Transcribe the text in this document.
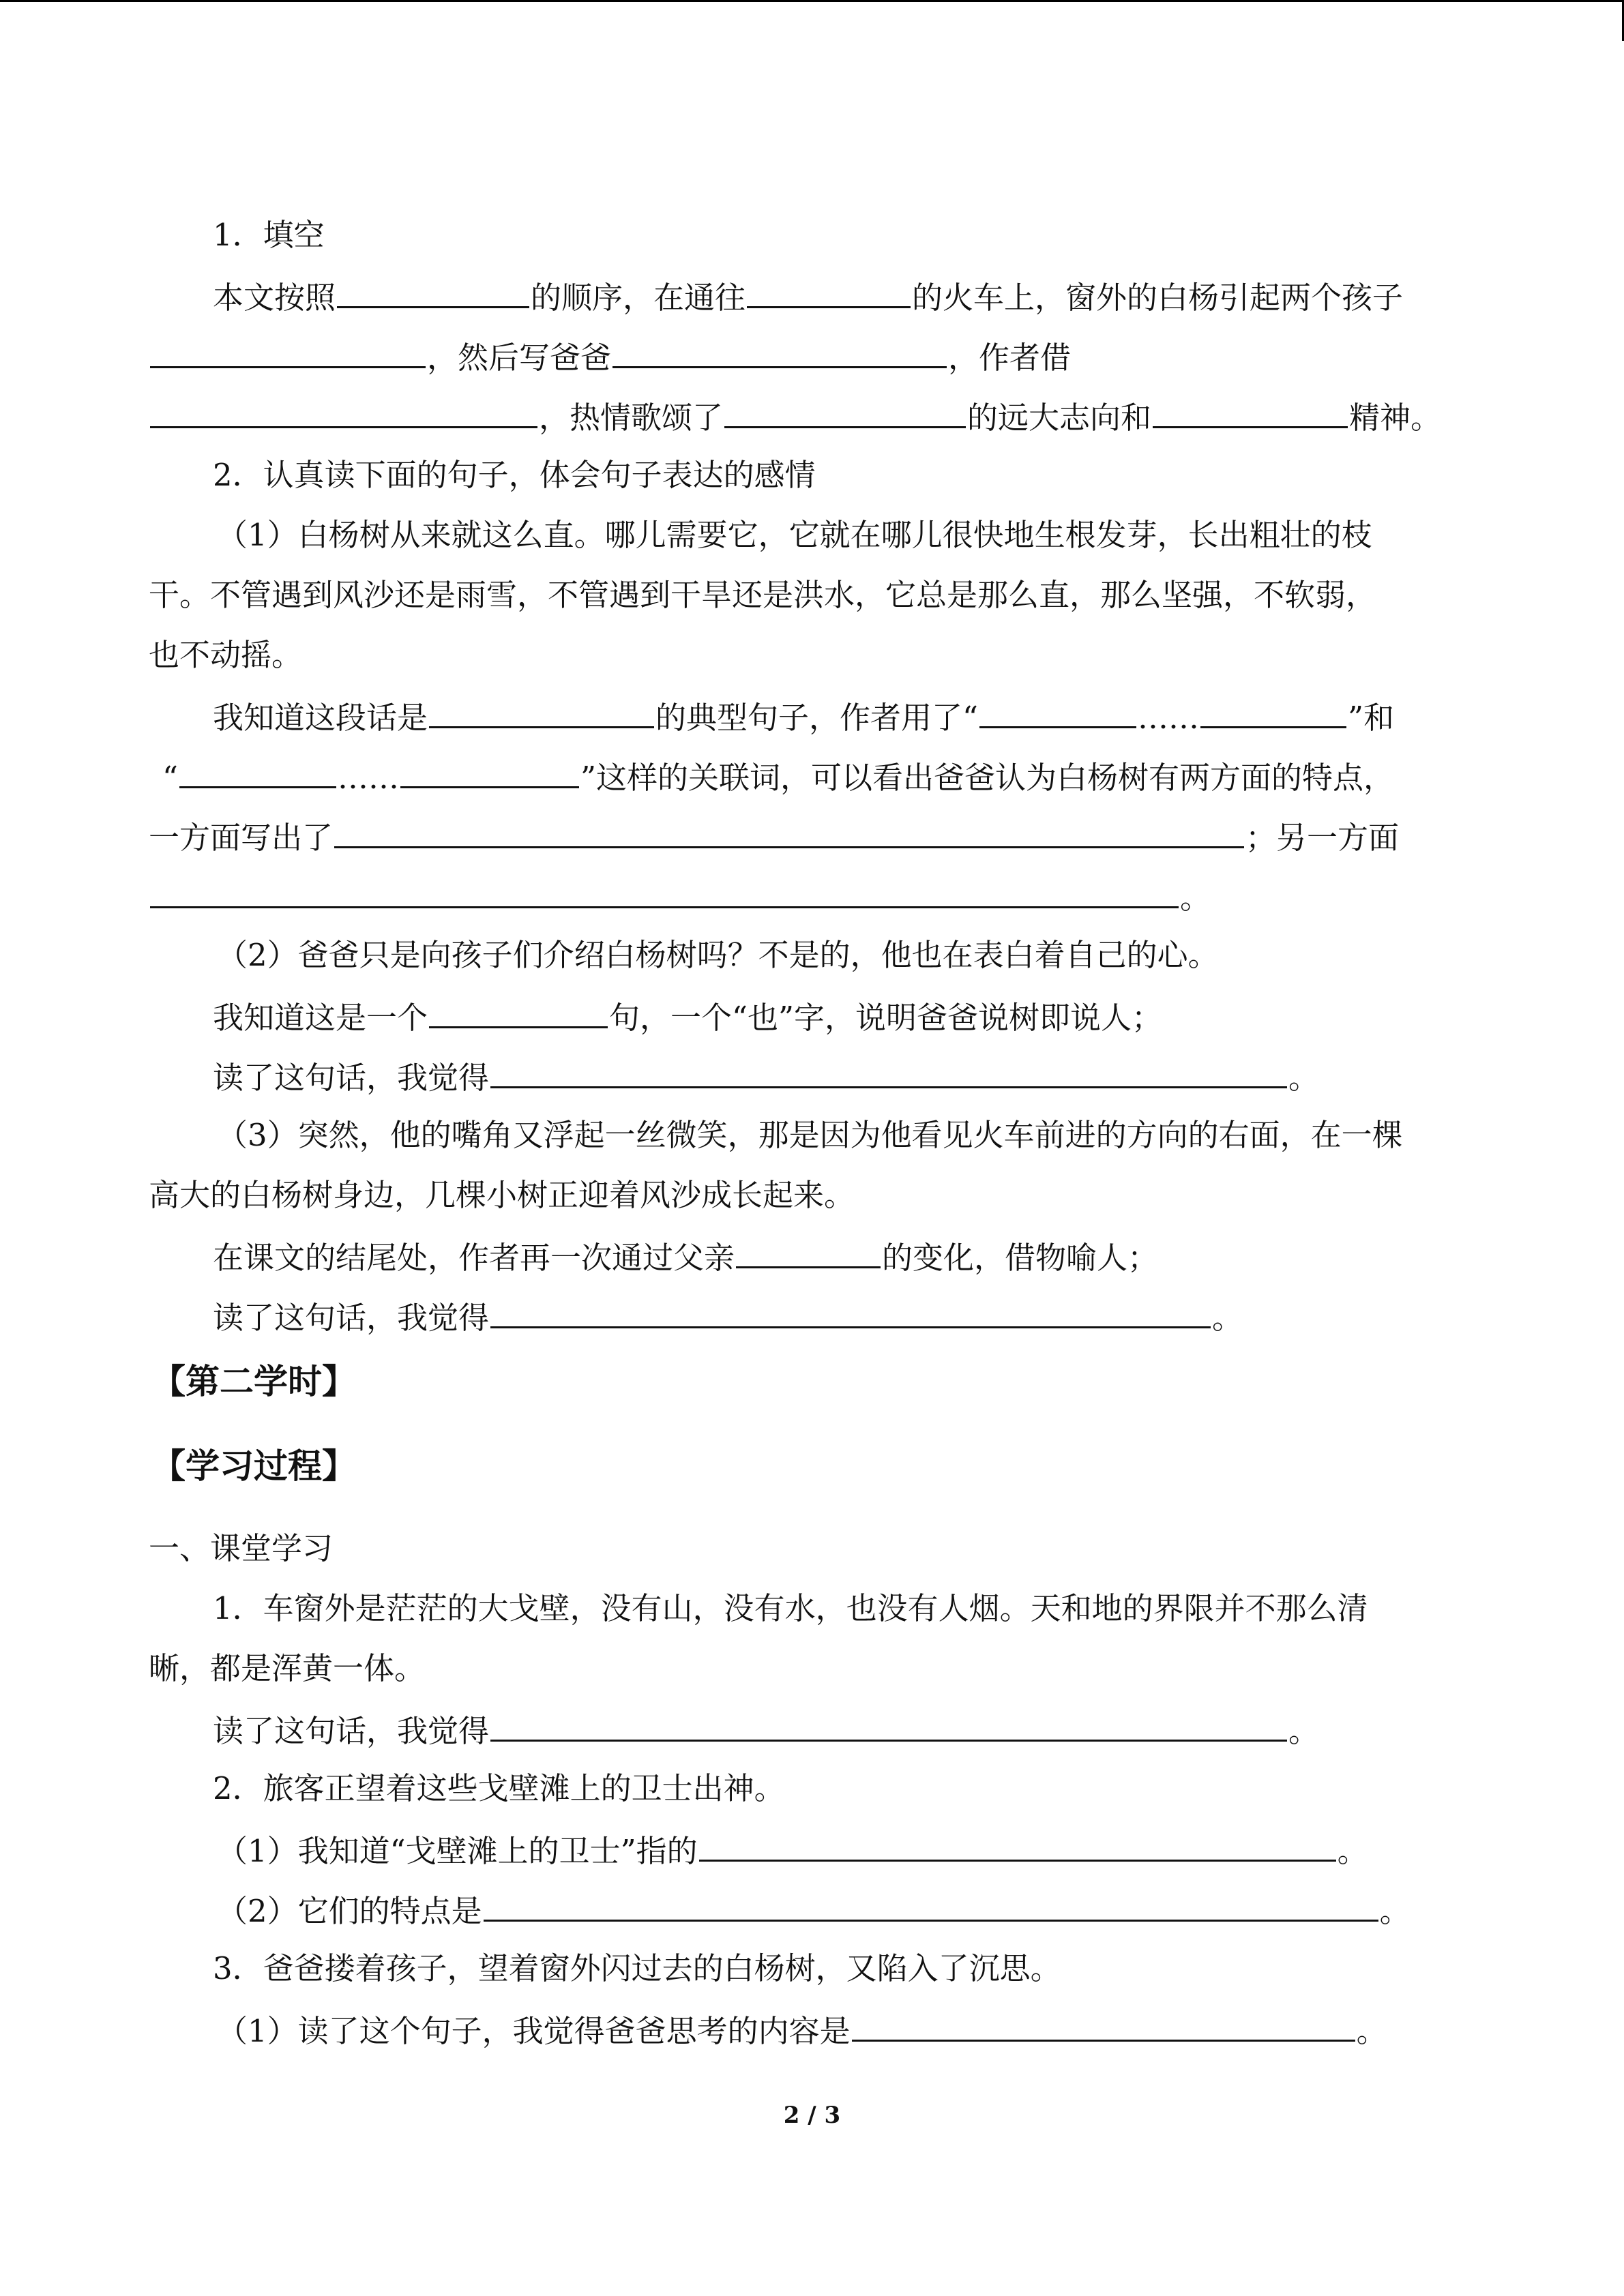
1．填空
本文按照	的顺序，在通往	的火车上，窗外的白杨引起两个孩子
，然后写爸爸	，作者借
，热情歌颂了	的远大志向和	精神。
2．认真读下面的句子，体会句子表达的感情
（1）白杨树从来就这么直。哪儿需要它，它就在哪儿很快地生根发芽，长出粗壮的枝
干。不管遇到风沙还是雨雪，不管遇到干旱还是洪水，它总是那么直，那么坚强，不软弱，
也不动摇。
我知道这段话是	的典型句子，作者用了“	……	”和
“	……	”这样的关联词，可以看出爸爸认为白杨树有两方面的特点，
一方面写出了	；另一方面
。
（2）爸爸只是向孩子们介绍白杨树吗？不是的，他也在表白着自己的心。
我知道这是一个	句，一个“也”字，说明爸爸说树即说人；
读了这句话，我觉得	。
（3）突然，他的嘴角又浮起一丝微笑，那是因为他看见火车前进的方向的右面，在一棵
高大的白杨树身边，几棵小树正迎着风沙成长起来。
在课文的结尾处，作者再一次通过父亲	的变化，借物喻人；
读了这句话，我觉得	。
【第二学时】
【学习过程】
一、课堂学习
1．车窗外是茫茫的大戈壁，没有山，没有水，也没有人烟。天和地的界限并不那么清
晰，都是浑黄一体。
读了这句话，我觉得	。
2．旅客正望着这些戈壁滩上的卫士出神。
（1）我知道“戈壁滩上的卫士”指的	。
（2）它们的特点是	。
3．爸爸搂着孩子，望着窗外闪过去的白杨树，又陷入了沉思。
（1）读了这个句子，我觉得爸爸思考的内容是	。
2 / 3
